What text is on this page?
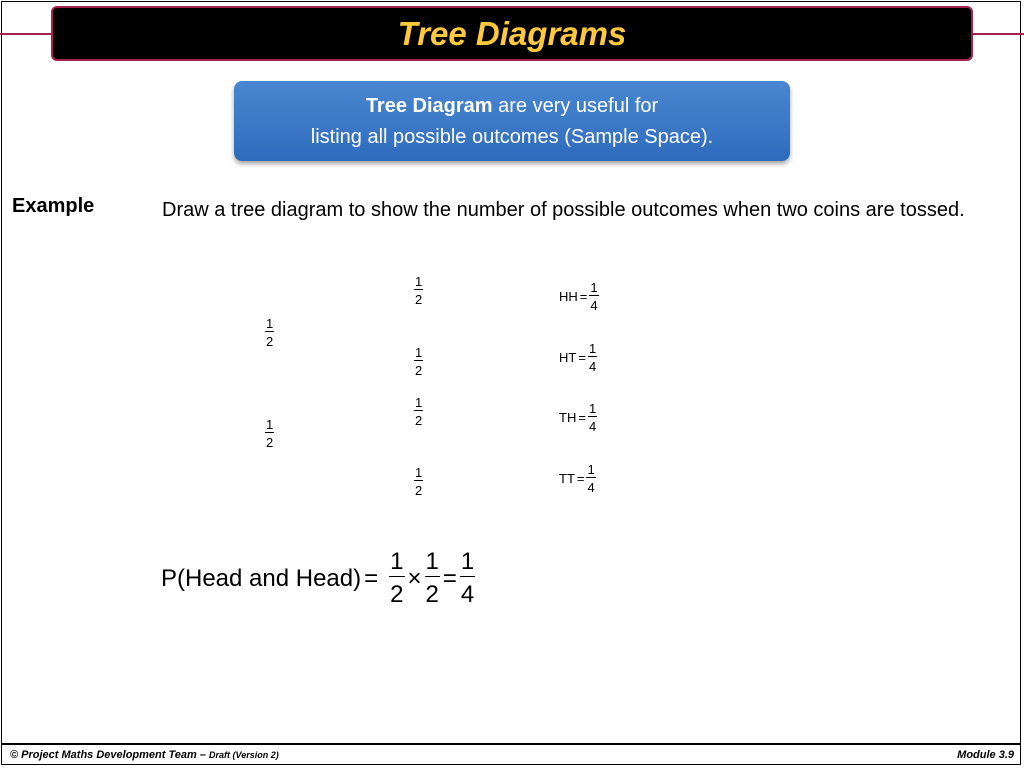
Tree Diagrams
Tree Diagram are very useful for
listing all possible outcomes (Sample Space).
Example	Draw a tree diagram to show the number of possible outcomes when two coins are tossed.
$\frac{1}{2}$
$\frac{1}{2}$
$\frac{1}{2}$
$\frac{1}{2}$
$\frac{1}{2}$
$\frac{1}{2}$
HH = $\frac{1}{4}$
HT = $\frac{1}{4}$
TH = $\frac{1}{4}$
TT = $\frac{1}{4}$
P(Head and Head) = $\frac{1}{2} \times \frac{1}{2} = \frac{1}{4}$
© Project Maths Development Team – Draft (Version 2)	Module 3.9
